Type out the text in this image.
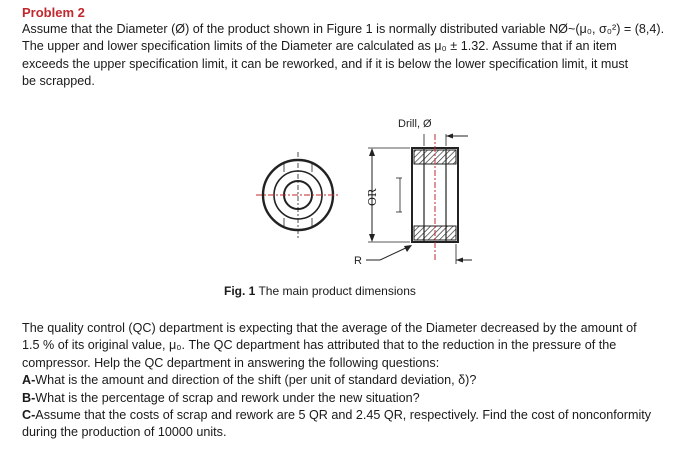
Problem 2
Assume that the Diameter (Ø) of the product shown in Figure 1 is normally distributed variable NØ~(μ₀, σ₀²) = (8,4).
The upper and lower specification limits of the Diameter are calculated as μ₀ ± 1.32. Assume that if an item
exceeds the upper specification limit, it can be reworked, and if it is below the lower specification limit, it must
be scrapped.
OR
Drill, Ø
R
Fig. 1 The main product dimensions
The quality control (QC) department is expecting that the average of the Diameter decreased by the amount of
1.5 % of its original value, μ₀. The QC department has attributed that to the reduction in the pressure of the
compressor. Help the QC department in answering the following questions:
A-What is the amount and direction of the shift (per unit of standard deviation, δ)?
B-What is the percentage of scrap and rework under the new situation?
C-Assume that the costs of scrap and rework are 5 QR and 2.45 QR, respectively. Find the cost of nonconformity
during the production of 10000 units.
